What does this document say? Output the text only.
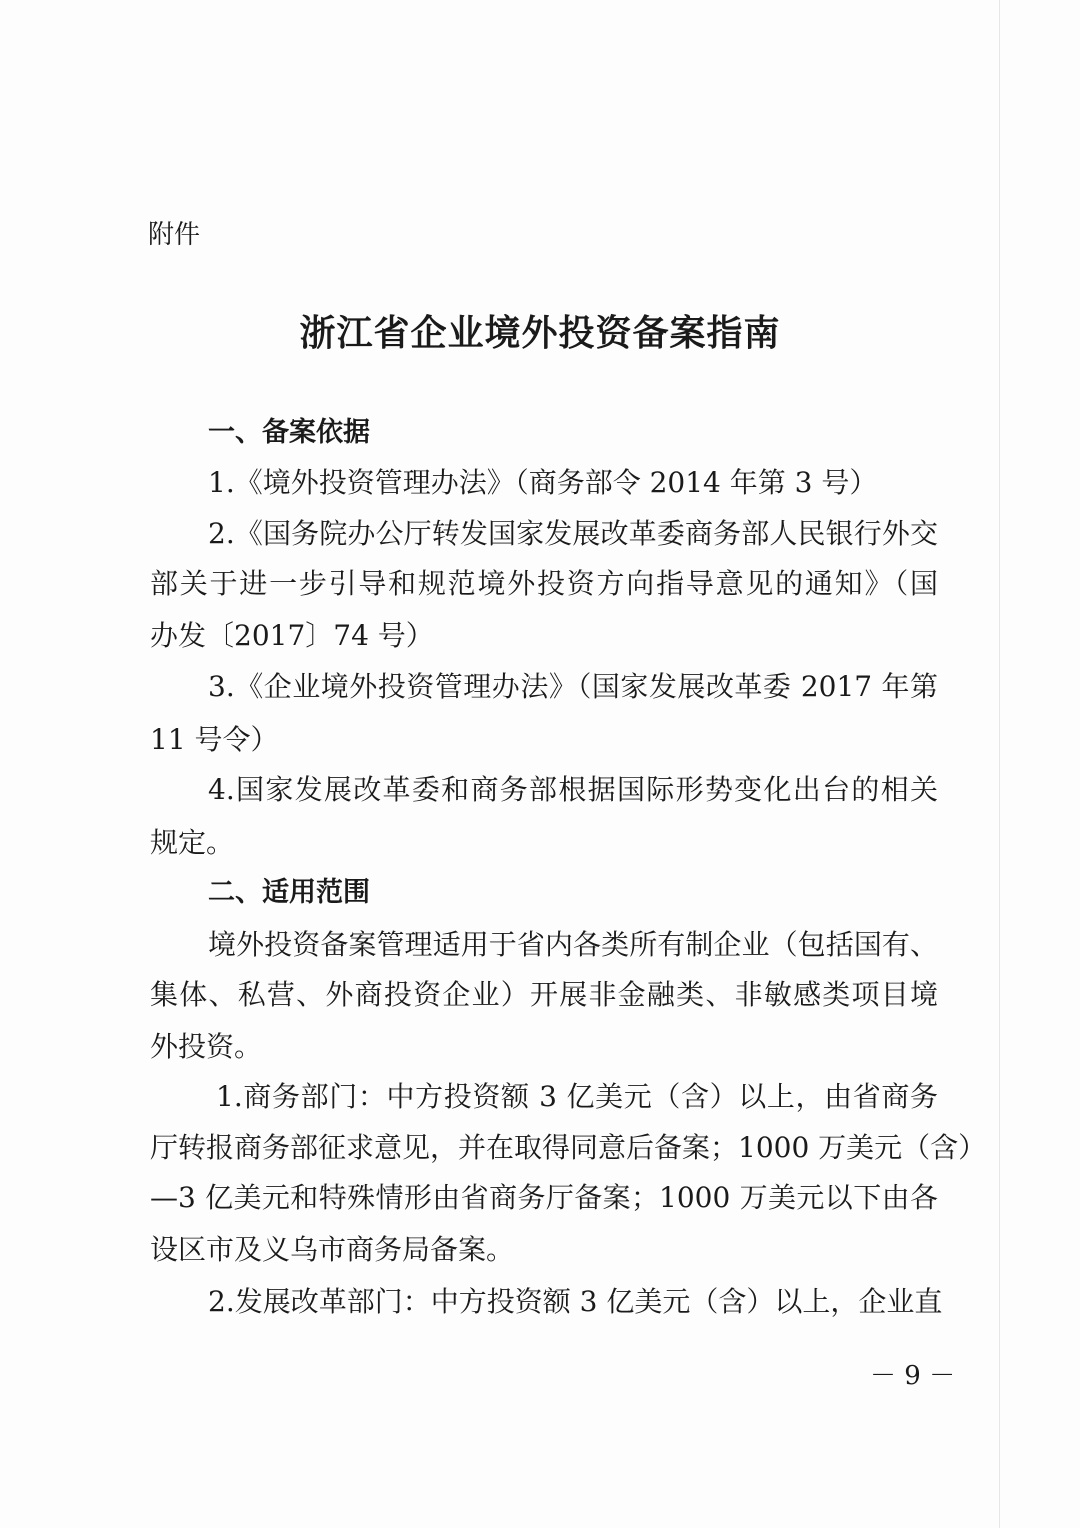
附件
浙江省企业境外投资备案指南
一、备案依据
1.《境外投资管理办法》（商务部令 2014 年第 3 号）
2.《国务院办公厅转发国家发展改革委商务部人民银行外交
部关于进一步引导和规范境外投资方向指导意见的通知》（国
办发〔2017〕74 号）
3.《企业境外投资管理办法》（国家发展改革委 2017 年第
11 号令）
4.国家发展改革委和商务部根据国际形势变化出台的相关
规定。
二、适用范围
境外投资备案管理适用于省内各类所有制企业（包括国有、
集体、私营、外商投资企业）开展非金融类、非敏感类项目境
外投资。
1.商务部门：中方投资额 3 亿美元（含）以上，由省商务
厅转报商务部征求意见，并在取得同意后备案；1000 万美元（含）
—3 亿美元和特殊情形由省商务厅备案；1000 万美元以下由各
设区市及义乌市商务局备案。
2.发展改革部门：中方投资额 3 亿美元（含）以上，企业直
－ 9 －
